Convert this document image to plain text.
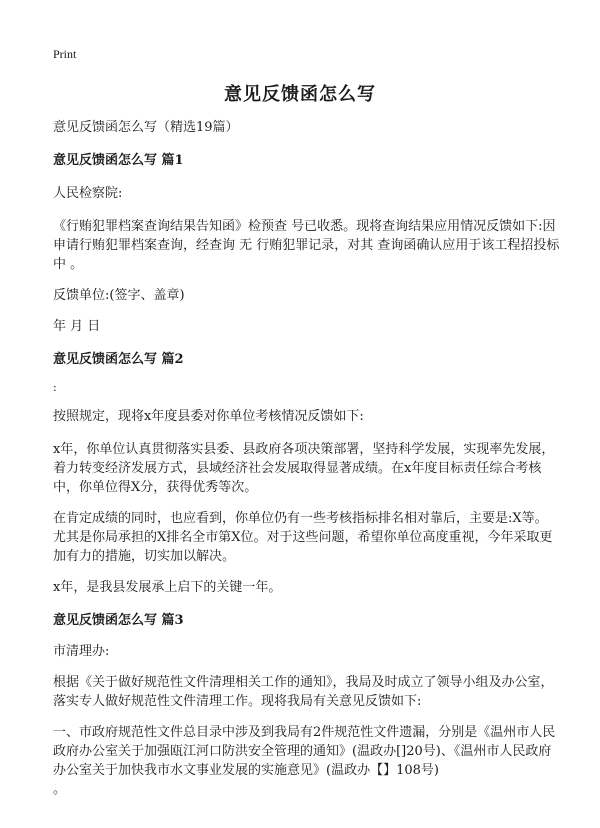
Print
意见反馈函怎么写

意见反馈函怎么写（精选19篇）

意见反馈函怎么写 篇1

人民检察院:

《行贿犯罪档案查询结果告知函》检预查 号已收悉。现将查询结果应用情况反馈如下:因申请行贿犯罪档案查询，经查询 无 行贿犯罪记录，对其 查询函确认应用于该工程招投标中 。

反馈单位:(签字、盖章)

年 月 日

意见反馈函怎么写 篇2

:

按照规定，现将x年度县委对你单位考核情况反馈如下:

x年，你单位认真贯彻落实县委、县政府各项决策部署，坚持科学发展，实现率先发展，着力转变经济发展方式，县域经济社会发展取得显著成绩。在x年度目标责任综合考核中，你单位得X分，获得优秀等次。

在肯定成绩的同时，也应看到，你单位仍有一些考核指标排名相对靠后，主要是:X等。尤其是你局承担的X排名全市第X位。对于这些问题，希望你单位高度重视，今年采取更加有力的措施，切实加以解决。

x年，是我县发展承上启下的关键一年。

意见反馈函怎么写 篇3

市清理办:

根据《关于做好规范性文件清理相关工作的通知》，我局及时成立了领导小组及办公室，落实专人做好规范性文件清理工作。现将我局有关意见反馈如下:

一、市政府规范性文件总目录中涉及到我局有2件规范性文件遗漏，分别是《温州市人民政府办公室关于加强瓯江河口防洪安全管理的通知》(温政办[]20号)、《温州市人民政府办公室关于加快我市水文事业发展的实施意见》(温政办【】108号)

。
